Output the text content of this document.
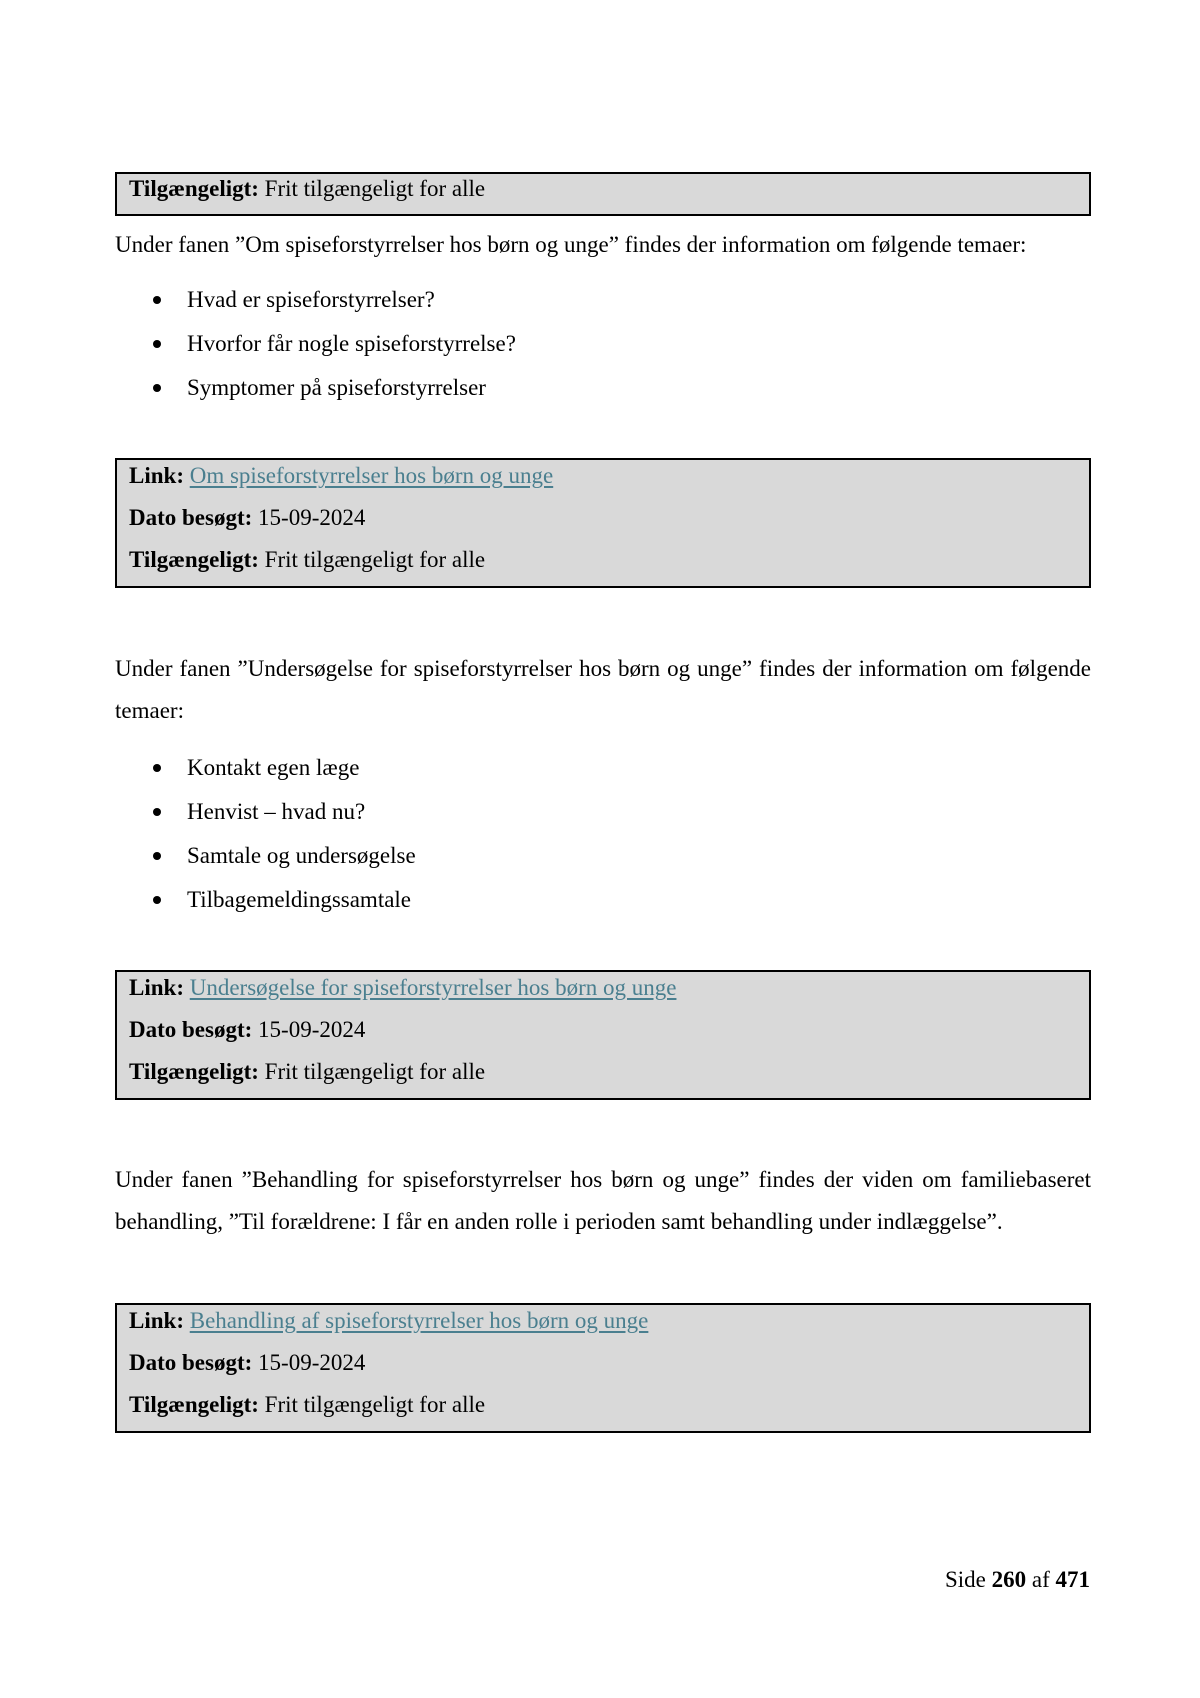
Tilgængeligt: Frit tilgængeligt for alle

Under fanen ”Om spiseforstyrrelser hos børn og unge” findes der information om følgende temaer:

Hvad er spiseforstyrrelser?
Hvorfor får nogle spiseforstyrrelse?
Symptomer på spiseforstyrrelser
Link: Om spiseforstyrrelser hos børn og unge
Dato besøgt: 15-09-2024
Tilgængeligt: Frit tilgængeligt for alle

Under fanen ”Undersøgelse for spiseforstyrrelser hos børn og unge” findes der information om følgende temaer:

Kontakt egen læge
Henvist – hvad nu?
Samtale og undersøgelse
Tilbagemeldingssamtale
Link: Undersøgelse for spiseforstyrrelser hos børn og unge
Dato besøgt: 15-09-2024
Tilgængeligt: Frit tilgængeligt for alle

Under fanen ”Behandling for spiseforstyrrelser hos børn og unge” findes der viden om familiebaseret behandling, ”Til forældrene: I får en anden rolle i perioden samt behandling under indlæggelse”.

Link: Behandling af spiseforstyrrelser hos børn og unge
Dato besøgt: 15-09-2024
Tilgængeligt: Frit tilgængeligt for alle
Side 260 af 471
